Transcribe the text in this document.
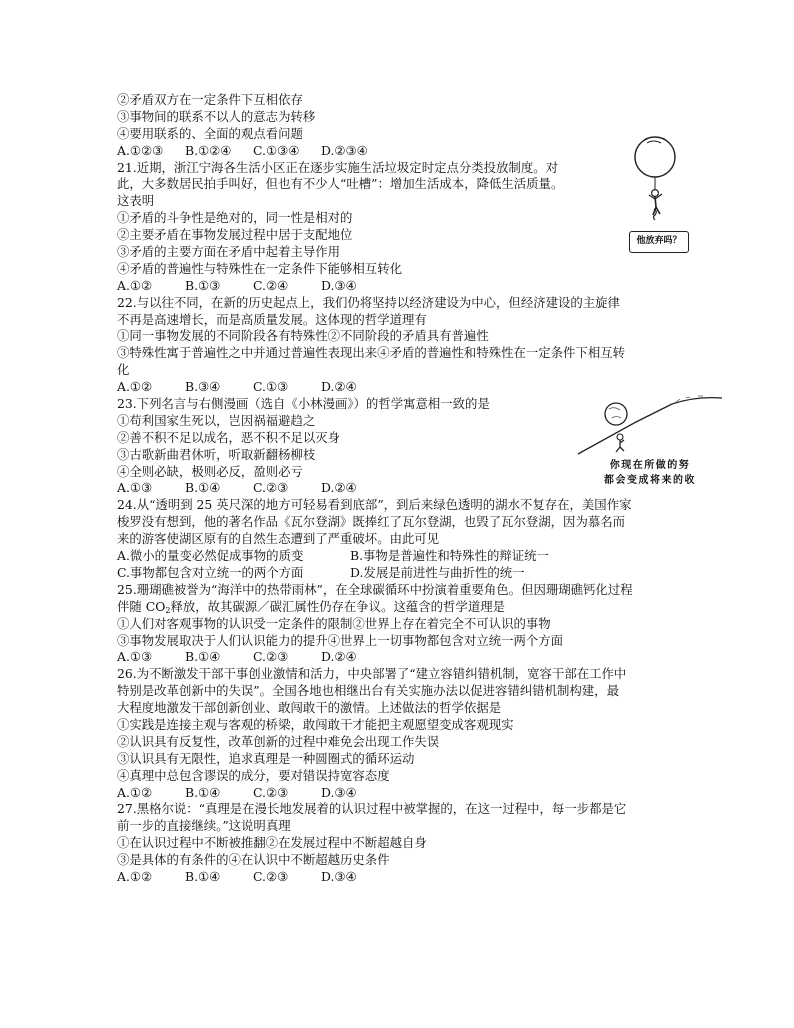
②矛盾双方在一定条件下互相依存
③事物间的联系不以人的意志为转移
④要用联系的、全面的观点看问题
A.①②③ B.①②④ C.①③④ D.②③④
21.近期，浙江宁海各生活小区正在逐步实施生活垃圾定时定点分类投放制度。对
此，大多数居民拍手叫好，但也有不少人“吐槽”：增加生活成本，降低生活质量。
这表明
①矛盾的斗争性是绝对的，同一性是相对的
②主要矛盾在事物发展过程中居于支配地位
③矛盾的主要方面在矛盾中起着主导作用
④矛盾的普遍性与特殊性在一定条件下能够相互转化
A.①②	B.①③	C.②④	D.③④
22.与以往不同，在新的历史起点上，我们仍将坚持以经济建设为中心，但经济建设的主旋律
不再是高速增长，而是高质量发展。这体现的哲学道理有
①同一事物发展的不同阶段各有特殊性②不同阶段的矛盾具有普遍性
③特殊性寓于普遍性之中并通过普遍性表现出来④矛盾的普遍性和特殊性在一定条件下相互转
化
A.①②	B.③④	C.①③	D.②④
23.下列名言与右侧漫画（选自《小林漫画》）的哲学寓意相一致的是
①苟利国家生死以，岂因祸福避趋之
②善不积不足以成名，恶不积不足以灭身
③古歌新曲君休听，听取新翻杨柳枝
④全则必缺，极则必反，盈则必亏
A.①③	B.①④	C.②③	D.②④
24.从“透明到 25 英尺深的地方可轻易看到底部”，到后来绿色透明的湖水不复存在，美国作家
梭罗没有想到，他的著名作品《瓦尔登湖》既捧红了瓦尔登湖，也毁了瓦尔登湖，因为慕名而
来的游客使湖区原有的自然生态遭到了严重破坏。由此可见
A.微小的量变必然促成事物的质变	B.事物是普遍性和特殊性的辩证统一
C.事物都包含对立统一的两个方面	D.发展是前进性与曲折性的统一
25.珊瑚礁被誉为“海洋中的热带雨林”，在全球碳循环中扮演着重要角色。但因珊瑚礁钙化过程
伴随 $CO_2$释放，故其碳源／碳汇属性仍存在争议。这蕴含的哲学道理是
①人们对客观事物的认识受一定条件的限制②世界上存在着完全不可认识的事物
③事物发展取决于人们认识能力的提升④世界上一切事物都包含对立统一两个方面
A.①③	B.①④	C.②③	D.②④
26.为不断激发干部干事创业激情和活力，中央部署了“建立容错纠错机制，宽容干部在工作中
特别是改革创新中的失误”。全国各地也相继出台有关实施办法以促进容错纠错机制构建，最
大程度地激发干部创新创业、敢闯敢干的激情。上述做法的哲学依据是
①实践是连接主观与客观的桥梁，敢闯敢干才能把主观愿望变成客观现实
②认识具有反复性，改革创新的过程中难免会出现工作失误
③认识具有无限性，追求真理是一种圆圈式的循环运动
④真理中总包含谬误的成分，要对错误持宽容态度
A.①②	B.①④	C.②③	D.③④
27.黑格尔说：“真理是在漫长地发展着的认识过程中被掌握的，在这一过程中，每一步都是它
前一步的直接继续。”这说明真理
①在认识过程中不断被推翻②在发展过程中不断超越自身
③是具体的有条件的④在认识中不断超越历史条件
A.①②	B.①④	C.②③	D.③④
他放弃吗？
你现在所做的努
都会变成将来的收
